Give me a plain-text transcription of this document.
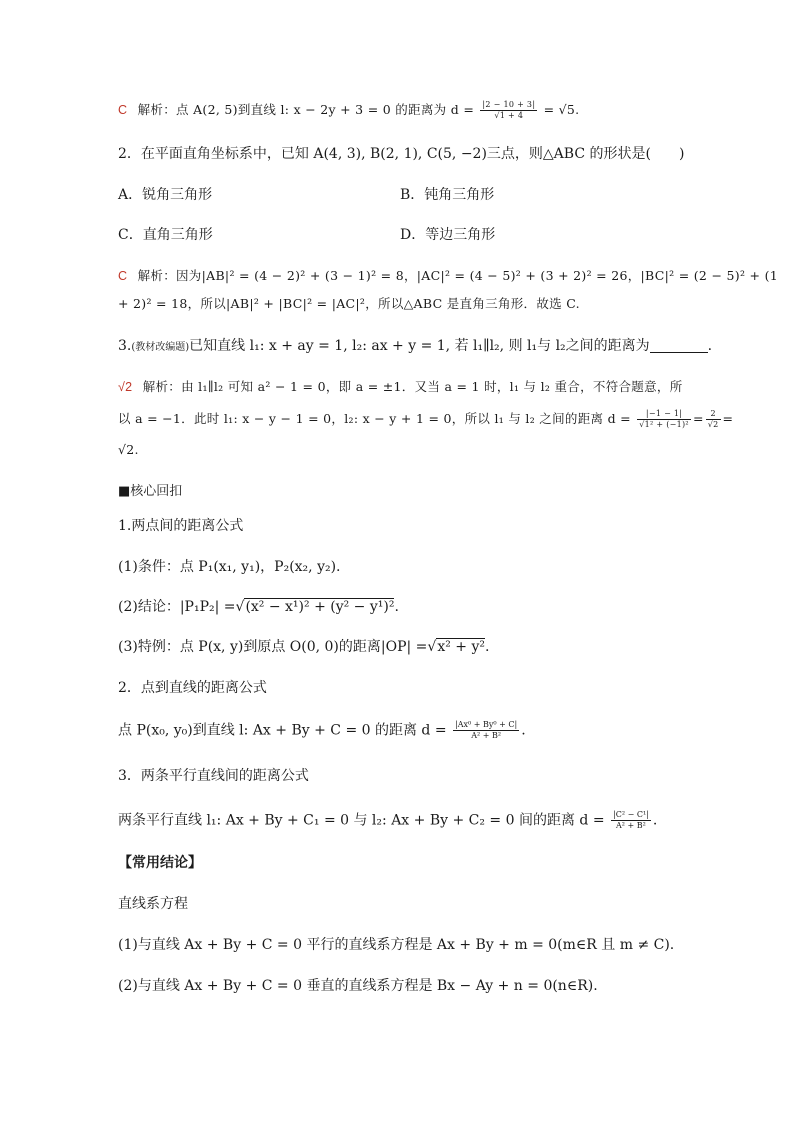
C 解析：点 A(2, 5)到直线 l: x − 2y + 3 = 0 的距离为 $d = \frac{|2 - 10 + 3|}{√1 + 4} = √5$.
2．在平面直角坐标系中，已知 A(4, 3), B(2, 1), C(5, −2)三点，则△ABC 的形状是(　　)
A．锐角三角形	B．钝角三角形
C．直角三角形	D．等边三角形
C 解析：因为|AB|² = (4 − 2)² + (3 − 1)² = 8，|AC|² = (4 − 5)² + (3 + 2)² = 26，|BC|² = (2 − 5)² + (1
+ 2)² = 18，所以|AB|² + |BC|² = |AC|²，所以△ABC 是直角三角形．故选 C.
3.(教材改编题)已知直线 l₁: x + ay = 1, l₂: ax + y = 1, 若 l₁∥l₂, 则 l₁与 l₂之间的距离为	.
√2 解析：由 l₁∥l₂ 可知 a² − 1 = 0，即 a = ±1．又当 a = 1 时，l₁ 与 l₂ 重合，不符合题意，所
以 a = −1．此时 l₁: x − y − 1 = 0，l₂: x − y + 1 = 0，所以 l₁ 与 l₂ 之间的距离 $d = \frac{|-1 - 1|}{\text{√1² + (−1)²}} = \frac{2}{√2}$ =
√2.
■核心回扣
1.两点间的距离公式
(1)条件：点 P₁(x₁, y₁)，P₂(x₂, y₂).
(2)结论：|P₁P₂| =√(x² − x¹)² + (y² − y¹)².
(3)特例：点 P(x, y)到原点 O(0, 0)的距离|OP| =√x² + y².
2．点到直线的距离公式
点 P(x₀, y₀)到直线 l: Ax + By + C = 0 的距离 $d = \frac{\text{|Ax⁰ + By⁰ + C|}}{\text{A² + B²}}$ .
3．两条平行直线间的距离公式
两条平行直线 l₁: Ax + By + C₁ = 0 与 l₂: Ax + By + C₂ = 0 间的距离 $d = \frac{\text{|C² − C¹|}}{\text{A² + B²}}$ .
【常用结论】
直线系方程
(1)与直线 Ax + By + C = 0 平行的直线系方程是 Ax + By + m = 0(m∈R 且 m ≠ C).
(2)与直线 Ax + By + C = 0 垂直的直线系方程是 Bx − Ay + n = 0(n∈R).
